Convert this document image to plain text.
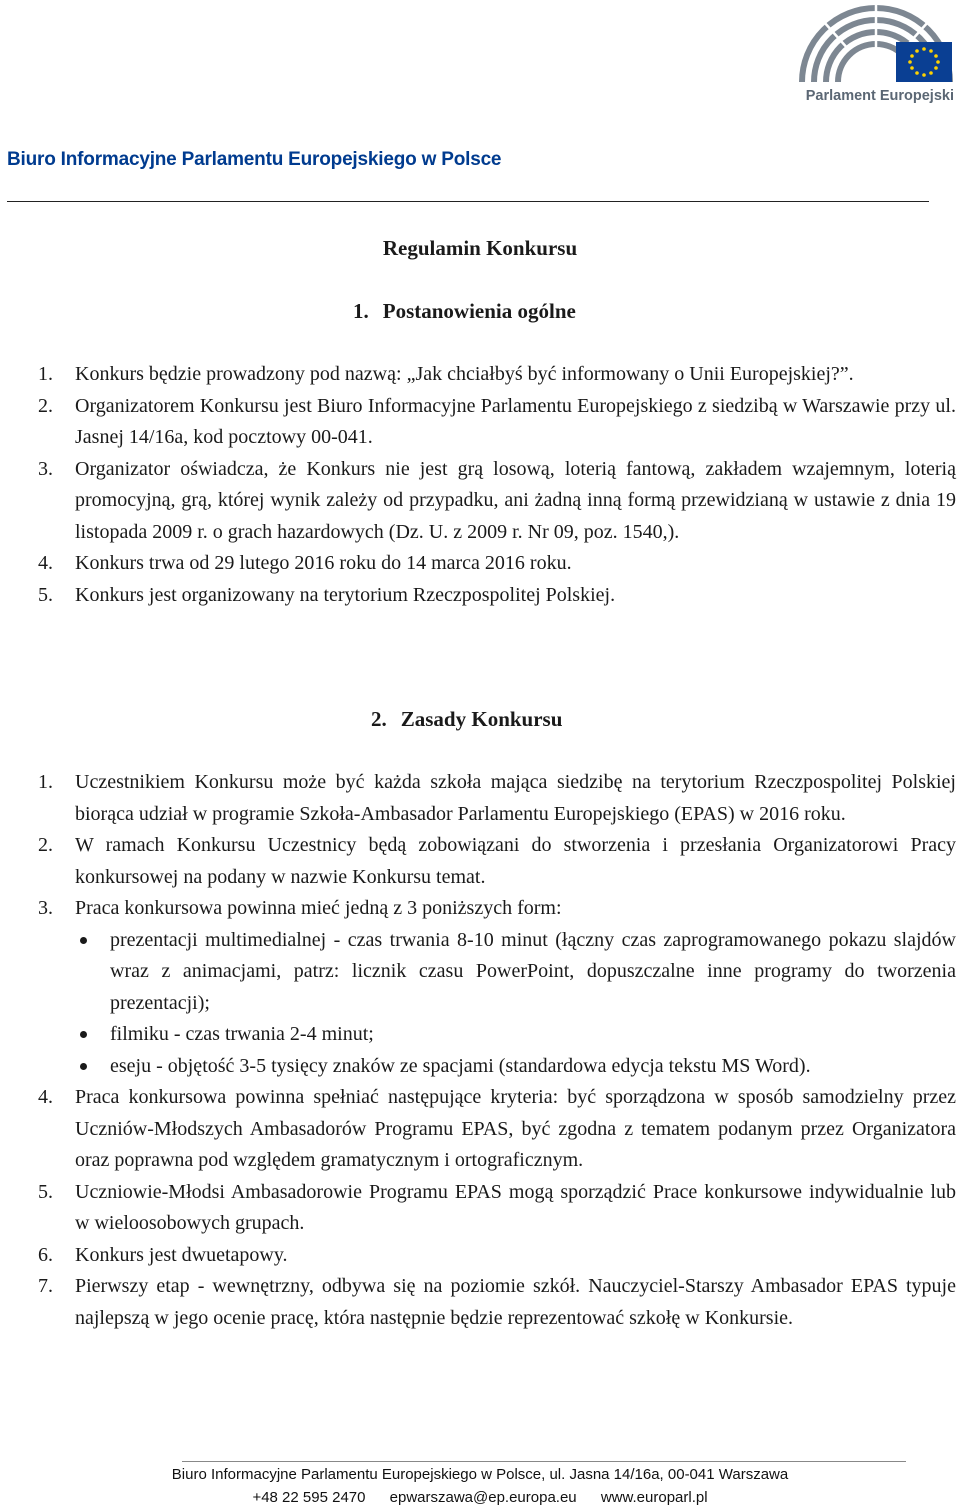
Parlament Europejski
Biuro Informacyjne Parlamentu Europejskiego w Polsce
Regulamin Konkursu
1. Postanowienia ogólne
1. Konkurs będzie prowadzony pod nazwą: „Jak chciałbyś być informowany o Unii Europejskiej?”.
2. Organizatorem Konkursu jest Biuro Informacyjne Parlamentu Europejskiego z siedzibą w Warszawie przy ul. Jasnej 14/16a, kod pocztowy 00-041.
3. Organizator oświadcza, że Konkurs nie jest grą losową, loterią fantową, zakładem wzajemnym, loterią promocyjną, grą, której wynik zależy od przypadku, ani żadną inną formą przewidzianą w ustawie z dnia 19 listopada 2009 r. o grach hazardowych (Dz. U. z 2009 r. Nr 09, poz. 1540,).
4. Konkurs trwa od 29 lutego 2016 roku do 14 marca 2016 roku.
5. Konkurs jest organizowany na terytorium Rzeczpospolitej Polskiej.
2. Zasady Konkursu
1. Uczestnikiem Konkursu może być każda szkoła mająca siedzibę na terytorium Rzeczpospolitej Polskiej biorąca udział w programie Szkoła-Ambasador Parlamentu Europejskiego (EPAS) w 2016 roku.
2. W ramach Konkursu Uczestnicy będą zobowiązani do stworzenia i przesłania Organizatorowi Pracy konkursowej na podany w nazwie Konkursu temat.
3. Praca konkursowa powinna mieć jedną z 3 poniższych form:
prezentacji multimedialnej - czas trwania 8-10 minut (łączny czas zaprogramowanego pokazu slajdów wraz z animacjami, patrz: licznik czasu PowerPoint, dopuszczalne inne programy do tworzenia prezentacji);
filmiku - czas trwania 2-4 minut;
eseju - objętość 3-5 tysięcy znaków ze spacjami (standardowa edycja tekstu MS Word).
4. Praca konkursowa powinna spełniać następujące kryteria: być sporządzona w sposób samodzielny przez Uczniów-Młodszych Ambasadorów Programu EPAS, być zgodna z tematem podanym przez Organizatora oraz poprawna pod względem gramatycznym i ortograficznym.
5. Uczniowie-Młodsi Ambasadorowie Programu EPAS mogą sporządzić Prace konkursowe indywidualnie lub w wieloosobowych grupach.
6. Konkurs jest dwuetapowy.
7. Pierwszy etap - wewnętrzny, odbywa się na poziomie szkół. Nauczyciel-Starszy Ambasador EPAS typuje najlepszą w jego ocenie pracę, która następnie będzie reprezentować szkołę w Konkursie.
Biuro Informacyjne Parlamentu Europejskiego w Polsce, ul. Jasna 14/16a, 00-041 Warszawa
+48 22 595 2470 epwarszawa@ep.europa.eu www.europarl.pl
